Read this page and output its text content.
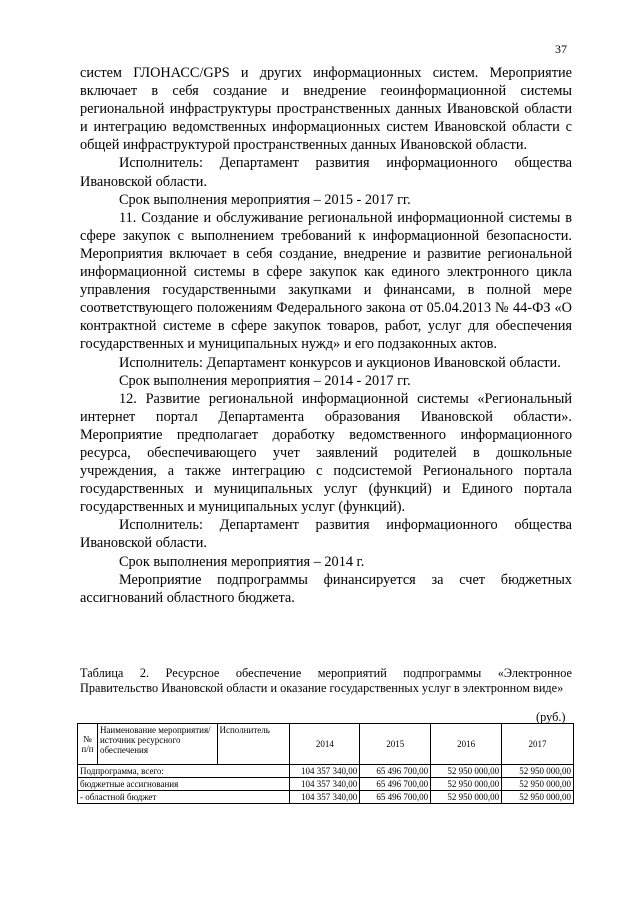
37

систем ГЛОНАСС/GPS и других информационных систем. Мероприятие включает в себя создание и внедрение геоинформационной системы региональной инфраструктуры пространственных данных Ивановской области и интеграцию ведомственных информационных систем Ивановской области с общей инфраструктурой пространственных данных Ивановской области.

Исполнитель: Департамент развития информационного общества Ивановской области.

Срок выполнения мероприятия – 2015 - 2017 гг.

11. Создание и обслуживание региональной информационной системы в сфере закупок с выполнением требований к информационной безопасности. Мероприятия включает в себя создание, внедрение и развитие региональной информационной системы в сфере закупок как единого электронного цикла управления государственными закупками и финансами, в полной мере соответствующего положениям Федерального закона от 05.04.2013 № 44-ФЗ «О контрактной системе в сфере закупок товаров, работ, услуг для обеспечения государственных и муниципальных нужд» и его подзаконных актов.

Исполнитель: Департамент конкурсов и аукционов Ивановской области.

Срок выполнения мероприятия – 2014 - 2017 гг.

12. Развитие региональной информационной системы «Региональный интернет портал Департамента образования Ивановской области». Мероприятие предполагает доработку ведомственного информационного ресурса, обеспечивающего учет заявлений родителей в дошкольные учреждения, а также интеграцию с подсистемой Регионального портала государственных и муниципальных услуг (функций) и Единого портала государственных и муниципальных услуг (функций).

Исполнитель: Департамент развития информационного общества Ивановской области.

Срок выполнения мероприятия – 2014 г.

Мероприятие подпрограммы финансируется за счет бюджетных ассигнований областного бюджета.

Таблица 2. Ресурсное обеспечение мероприятий подпрограммы «Электронное Правительство Ивановской области и оказание государственных услуг в электронном виде»
(руб.)
№ п/п	Наименование мероприятия/источник ресурсного обеспечения	Исполнитель	2014	2015	2016	2017
Подпрограмма, всего:			104 357 340,00	65 496 700,00	52 950 000,00	52 950 000,00
бюджетные ассигнования			104 357 340,00	65 496 700,00	52 950 000,00	52 950 000,00
- областной бюджет			104 357 340,00	65 496 700,00	52 950 000,00	52 950 000,00
